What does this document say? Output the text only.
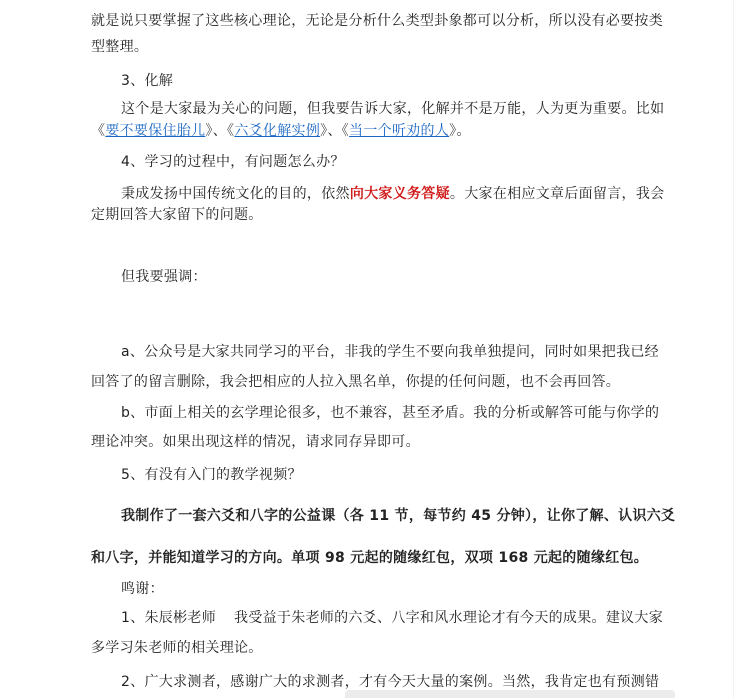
就是说只要掌握了这些核心理论，无论是分析什么类型卦象都可以分析，所以没有必要按类
型整理。
3、化解
这个是大家最为关心的问题，但我要告诉大家，化解并不是万能，人为更为重要。比如
《要不要保住胎儿》、《六爻化解实例》、《当一个听劝的人》。
4、学习的过程中，有问题怎么办？
秉成发扬中国传统文化的目的，依然向大家义务答疑。大家在相应文章后面留言，我会
定期回答大家留下的问题。
但我要强调：
a、公众号是大家共同学习的平台，非我的学生不要向我单独提问，同时如果把我已经
回答了的留言删除，我会把相应的人拉入黑名单，你提的任何问题，也不会再回答。
b、市面上相关的玄学理论很多，也不兼容，甚至矛盾。我的分析或解答可能与你学的
理论冲突。如果出现这样的情况，请求同存异即可。
5、有没有入门的教学视频？
我制作了一套六爻和八字的公益课（各 11 节，每节约 45 分钟），让你了解、认识六爻
和八字，并能知道学习的方向。单项 98 元起的随缘红包，双项 168 元起的随缘红包。
鸣谢：
1、朱辰彬老师 我受益于朱老师的六爻、八字和风水理论才有今天的成果。建议大家
多学习朱老师的相关理论。
2、广大求测者，感谢广大的求测者，才有今天大量的案例。当然，我肯定也有预测错
